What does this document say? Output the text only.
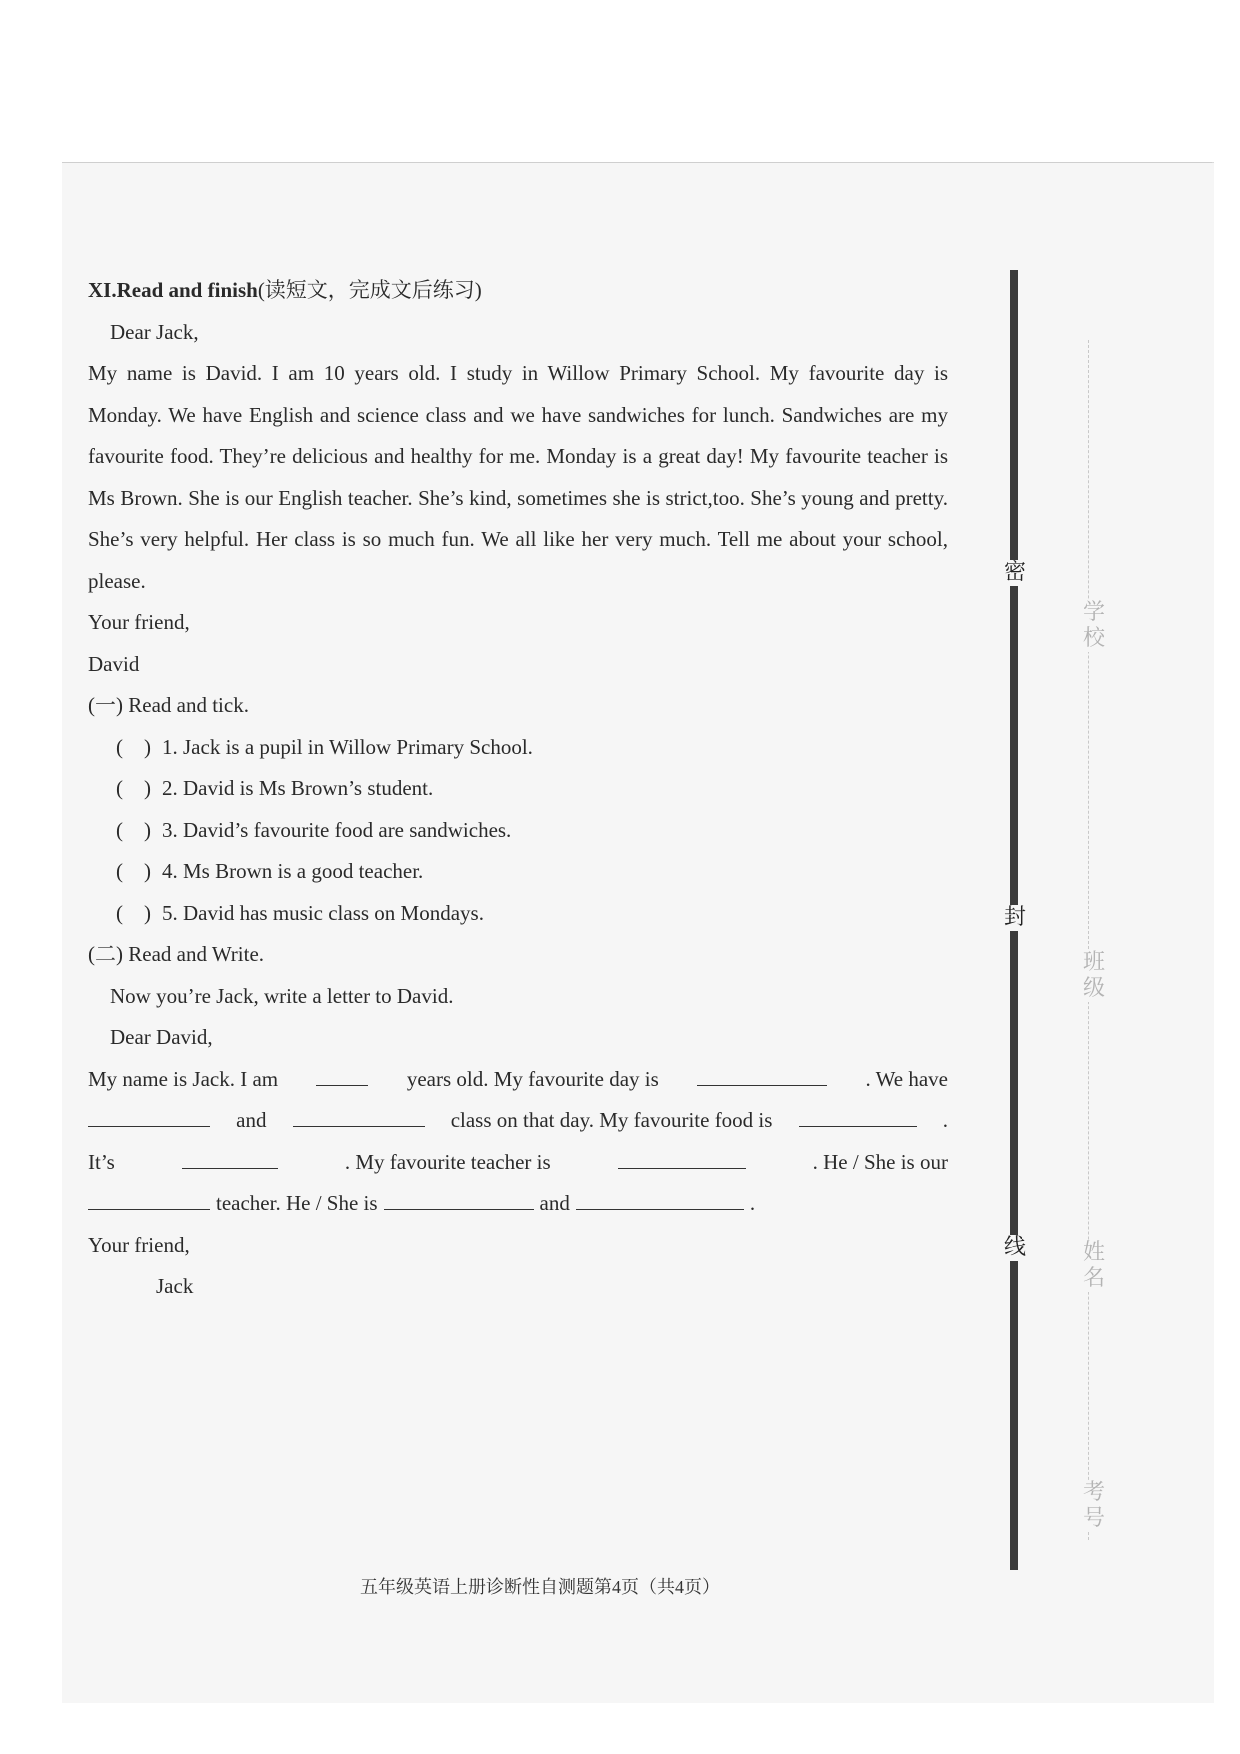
XI.Read and finish(读短文，完成文后练习)

Dear Jack,

My name is David. I am 10 years old. I study in Willow Primary School. My favourite day is Monday. We have English and science class and we have sandwiches for lunch. Sandwiches are my favourite food. They’re delicious and healthy for me. Monday is a great day! My favourite teacher is Ms Brown. She is our English teacher. She’s kind, sometimes she is strict,too. She’s young and pretty. She’s very helpful. Her class is so much fun. We all like her very much. Tell me about your school, please.

Your friend,

David

(一) Read and tick.

(　) 1. Jack is a pupil in Willow Primary School.

(　) 2. David is Ms Brown’s student.

(　) 3. David’s favourite food are sandwiches.

(　) 4. Ms Brown is a good teacher.

(　) 5. David has music class on Mondays.

(二) Read and Write.

Now you’re Jack, write a letter to David.

Dear David,

My name is Jack. I am	years old. My favourite day is	. We have
and	class on that day. My favourite food is	.
It’s	. My favourite teacher is	. He / She is our
teacher. He / She is	and	.

Your friend,

Jack

密
封
线
学校
班级
姓名
考号
五年级英语上册诊断性自测题第4页（共4页）
